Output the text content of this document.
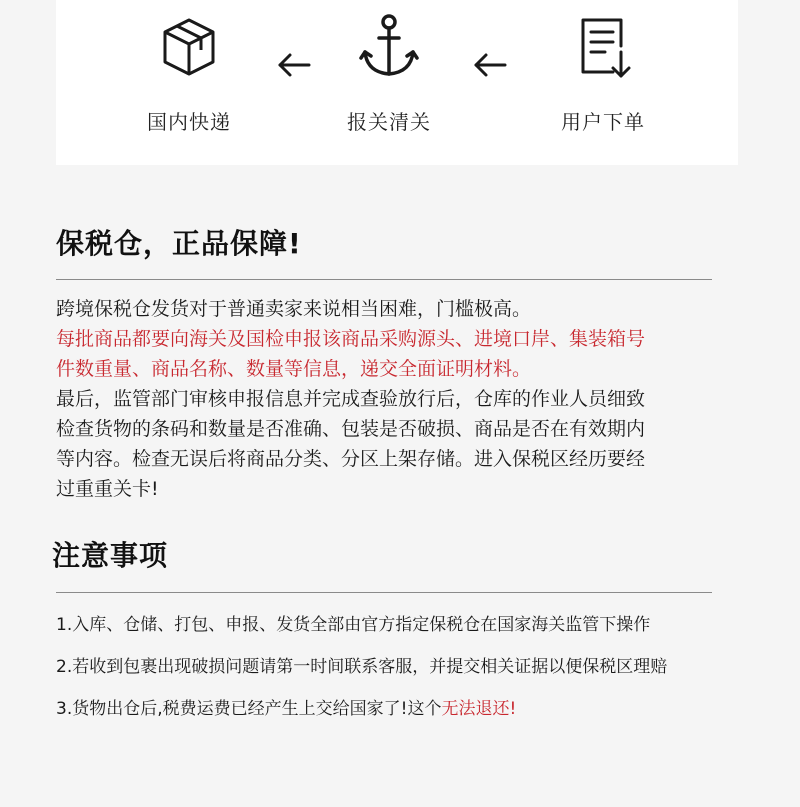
国内快递	报关清关	用户下单
保税仓，正品保障!

跨境保税仓发货对于普通卖家来说相当困难，门槛极高。
每批商品都要向海关及国检申报该商品采购源头、进境口岸、集装箱号
件数重量、商品名称、数量等信息，递交全面证明材料。
最后，监管部门审核申报信息并完成查验放行后，仓库的作业人员细致
检查货物的条码和数量是否准确、包装是否破损、商品是否在有效期内
等内容。检查无误后将商品分类、分区上架存储。进入保税区经历要经
过重重关卡!

注意事项

1.入库、仓储、打包、申报、发货全部由官方指定保税仓在国家海关监管下操作

2.若收到包裹出现破损问题请第一时间联系客服，并提交相关证据以便保税区理赔

3.货物出仓后,税费运费已经产生上交给国家了!这个无法退还!
